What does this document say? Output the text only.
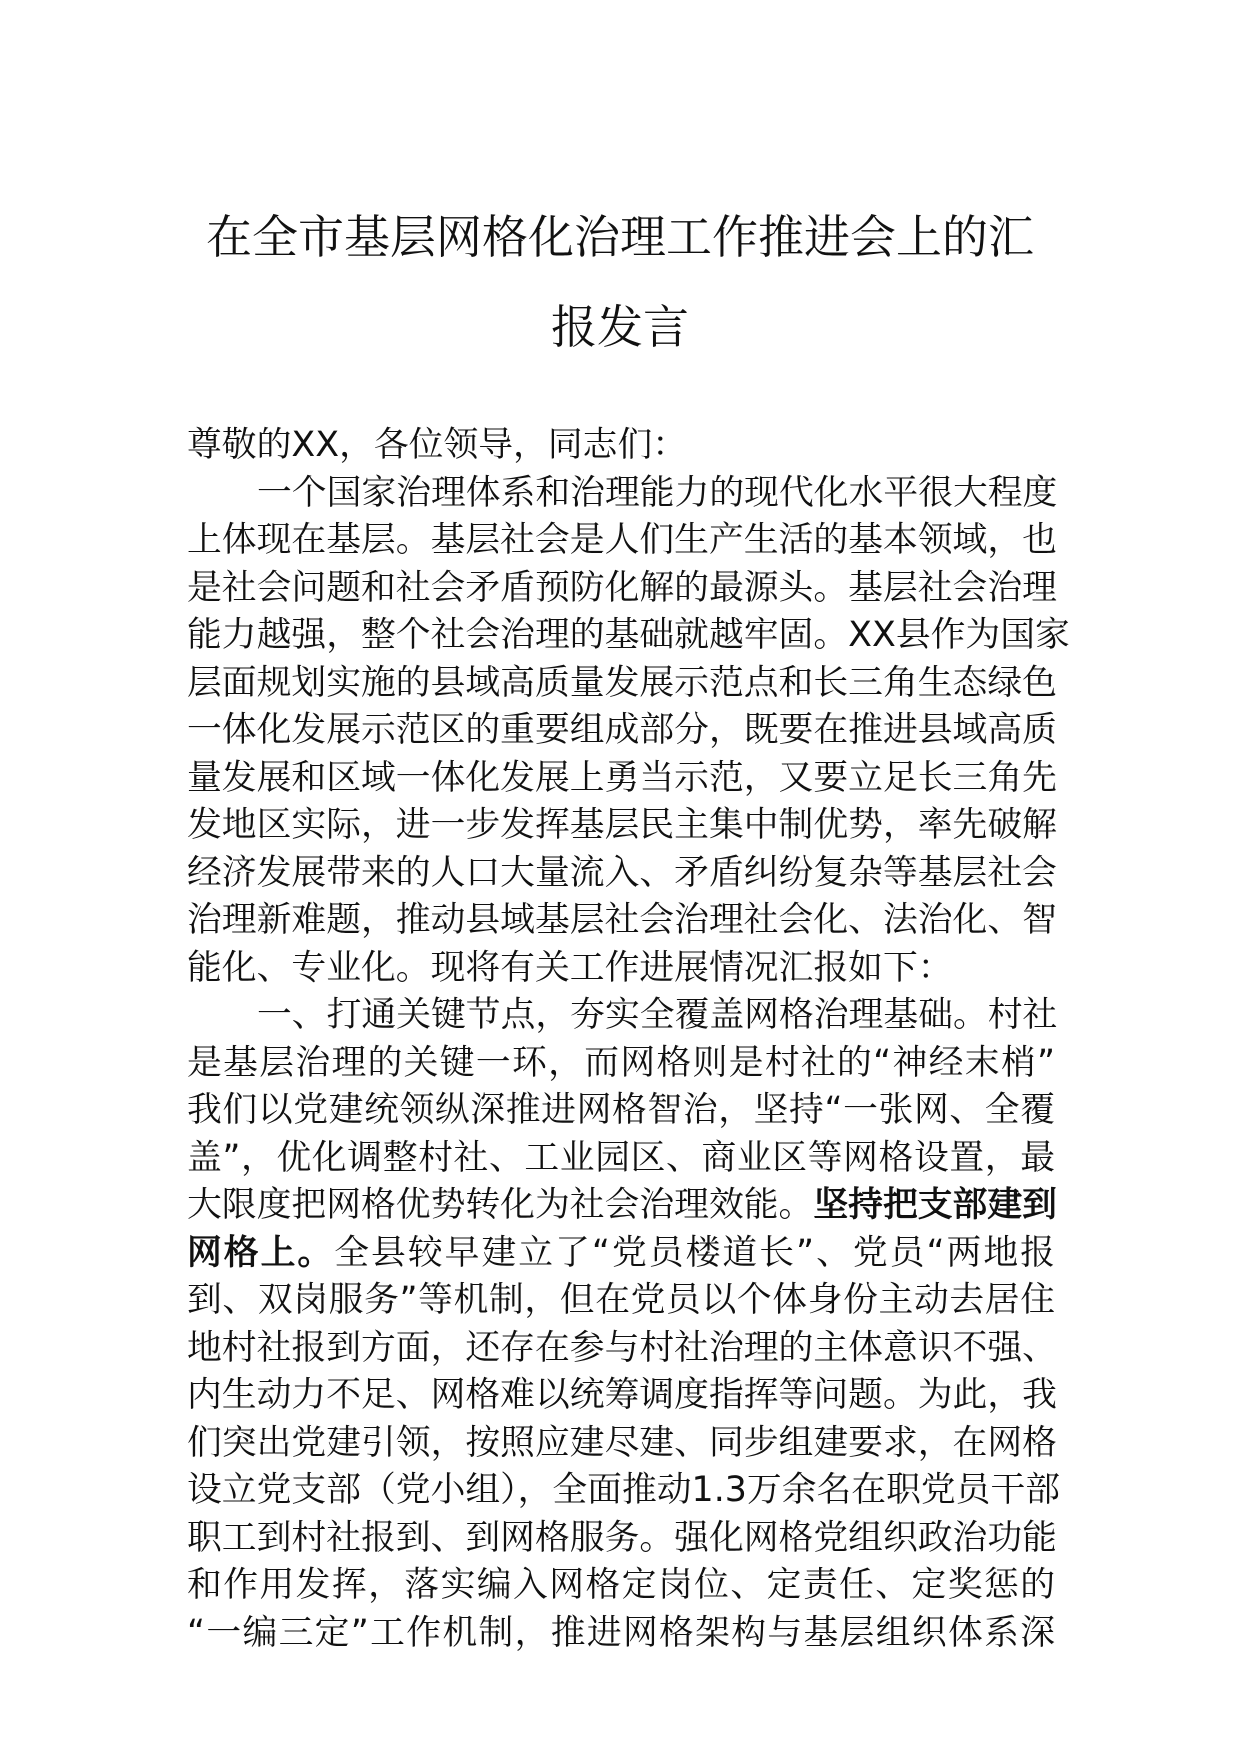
在全市基层网格化治理工作推进会上的汇
报发言
尊敬的XX，各位领导，同志们：
一个国家治理体系和治理能力的现代化水平很大程度
上体现在基层。基层社会是人们生产生活的基本领域，也
是社会问题和社会矛盾预防化解的最源头。基层社会治理
能力越强，整个社会治理的基础就越牢固。XX县作为国家
层面规划实施的县域高质量发展示范点和长三角生态绿色
一体化发展示范区的重要组成部分，既要在推进县域高质
量发展和区域一体化发展上勇当示范，又要立足长三角先
发地区实际，进一步发挥基层民主集中制优势，率先破解
经济发展带来的人口大量流入、矛盾纠纷复杂等基层社会
治理新难题，推动县域基层社会治理社会化、法治化、智
能化、专业化。现将有关工作进展情况汇报如下：
一、打通关键节点，夯实全覆盖网格治理基础。村社
是基层治理的关键一环，而网格则是村社的“神经末梢”
我们以党建统领纵深推进网格智治，坚持“一张网、全覆
盖”，优化调整村社、工业园区、商业区等网格设置，最
大限度把网格优势转化为社会治理效能。坚持把支部建到
网格上。全县较早建立了“党员楼道长”、党员“两地报
到、双岗服务”等机制，但在党员以个体身份主动去居住
地村社报到方面，还存在参与村社治理的主体意识不强、
内生动力不足、网格难以统筹调度指挥等问题。为此，我
们突出党建引领，按照应建尽建、同步组建要求，在网格
设立党支部（党小组），全面推动1.3万余名在职党员干部
职工到村社报到、到网格服务。强化网格党组织政治功能
和作用发挥，落实编入网格定岗位、定责任、定奖惩的
“一编三定”工作机制，推进网格架构与基层组织体系深
